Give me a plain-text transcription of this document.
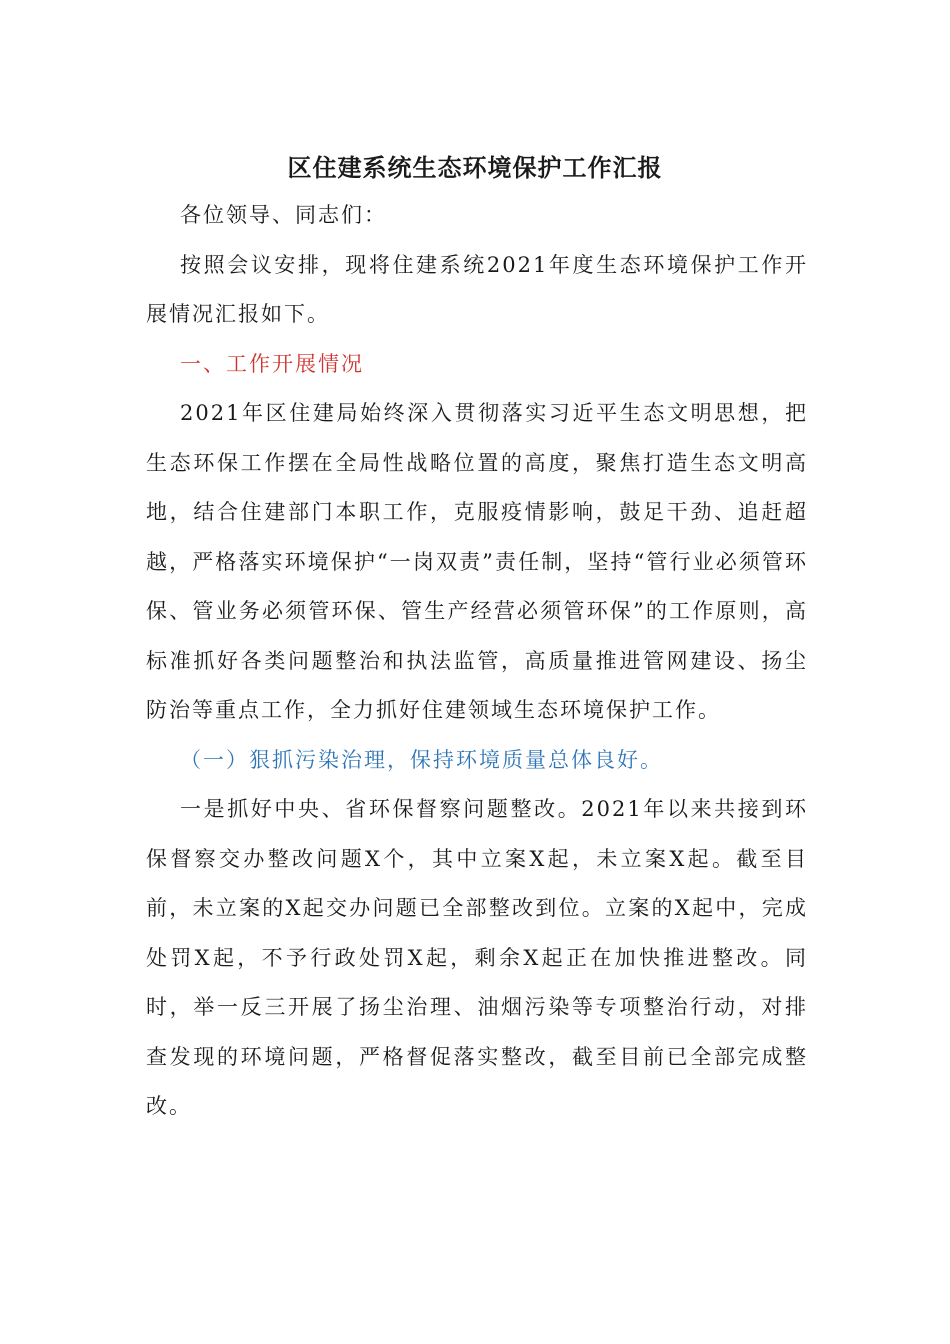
区住建系统生态环境保护工作汇报

各位领导、同志们：

按照会议安排，现将住建系统2021年度生态环境保护工作开展情况汇报如下。

一、工作开展情况

2021年区住建局始终深入贯彻落实习近平生态文明思想，把生态环保工作摆在全局性战略位置的高度，聚焦打造生态文明高地，结合住建部门本职工作，克服疫情影响，鼓足干劲、追赶超越，严格落实环境保护“一岗双责”责任制，坚持“管行业必须管环保、管业务必须管环保、管生产经营必须管环保”的工作原则，高标准抓好各类问题整治和执法监管，高质量推进管网建设、扬尘防治等重点工作，全力抓好住建领域生态环境保护工作。

（一）狠抓污染治理，保持环境质量总体良好。

一是抓好中央、省环保督察问题整改。2021年以来共接到环保督察交办整改问题X个，其中立案X起，未立案X起。截至目前，未立案的X起交办问题已全部整改到位。立案的X起中，完成处罚X起，不予行政处罚X起，剩余X起正在加快推进整改。同时，举一反三开展了扬尘治理、油烟污染等专项整治行动，对排查发现的环境问题，严格督促落实整改，截至目前已全部完成整改。
